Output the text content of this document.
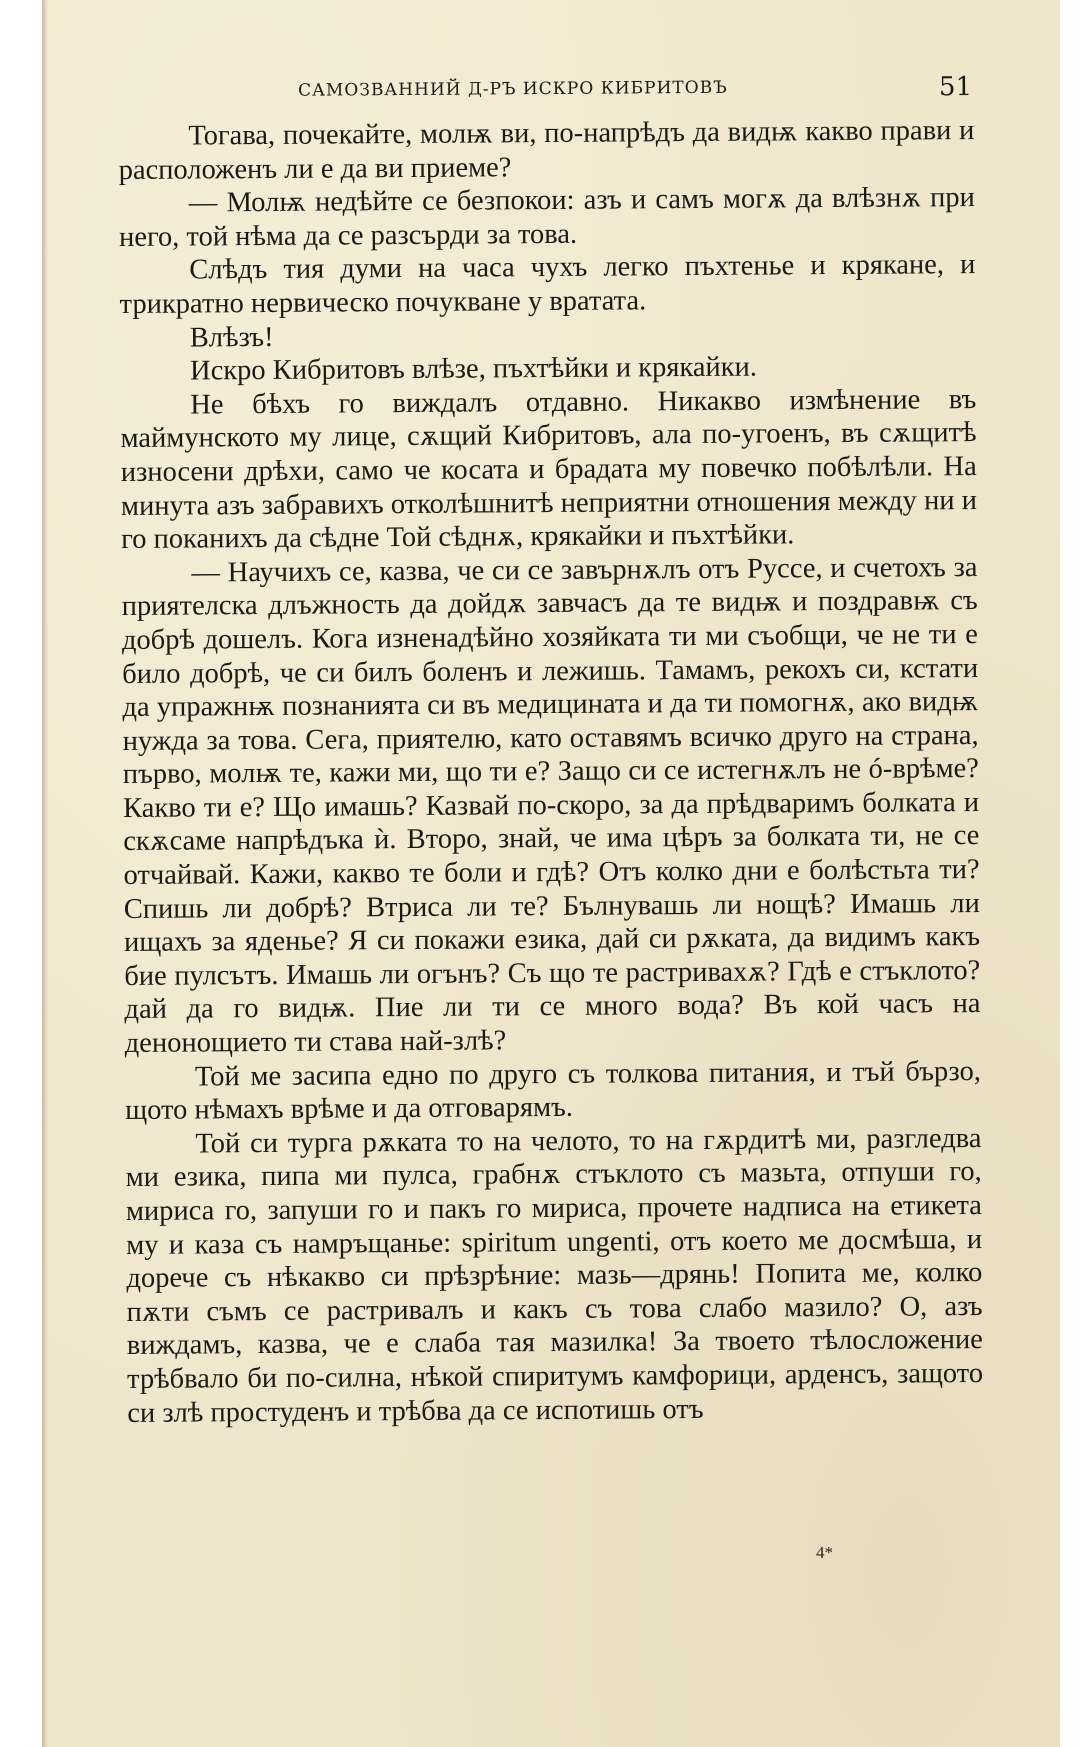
САМОЗВАННИЙ Д-РЪ ИСКРО КИБРИТОВЪ	51

Тогава, почекайте, молѭ ви, по-напрѣдъ да видѭ какво прави и расположенъ ли е да ви приеме?

— Молѭ недѣйте се безпокои: азъ и самъ могѫ да влѣзнѫ при него, той нѣма да се разсърди за това.

Слѣдъ тия думи на часа чухъ легко пъхтенье и крякане, и трикратно нервическо почукване у вратата.

Влѣзъ!

Искро Кибритовъ влѣзе, пъхтѣйки и крякайки.

Не бѣхъ го виждалъ отдавно. Никакво измѣнение въ маймунското му лице, сѫщий Кибритовъ, ала по-угоенъ, въ сѫщитѣ износени дрѣхи, само че косата и брадата му повечко побѣлѣли. На минута азъ забравихъ отколѣшнитѣ неприятни отношения между ни и го поканихъ да сѣдне Той сѣднѫ, крякайки и пъхтѣйки.

— Научихъ се, казва, че си се завърнѫлъ отъ Руссе, и счетохъ за приятелска длъжность да дойдѫ завчасъ да те видѭ и поздравѭ съ добрѣ дошелъ. Кога изненадѣйно хозяйката ти ми съобщи, че не ти е било добрѣ, че си билъ боленъ и лежишь. Тамамъ, рекохъ си, кстати да упражнѭ познанията си въ медицината и да ти помогнѫ, ако видѭ нужда за това. Сега, приятелю, като оставямъ всичко друго на страна, първо, молѭ те, кажи ми, що ти е? Защо си се истегнѫлъ не ó-врѣме? Какво ти е? Що имашь? Казвай по-скоро, за да прѣдваримъ болката и скѫсаме напрѣдъка ѝ. Второ, знай, че има цѣръ за болката ти, не се отчайвай. Кажи, какво те боли и гдѣ? Отъ колко дни е болѣстьта ти? Спишь ли добрѣ? Втриса ли те? Бълнувашь ли нощѣ? Имашь ли ищахъ за яденье? Я си покажи езика, дай си рѫката, да видимъ какъ бие пулсътъ. Имашь ли огънъ? Съ що те растривахѫ? Гдѣ е стъклото? дай да го видѭ. Пие ли ти се много вода? Въ кой часъ на денонощието ти става най-злѣ?

Той ме засипа едно по друго съ толкова питания, и тъй бързо, щото нѣмахъ врѣме и да отговарямъ.

Той си турга рѫката то на челото, то на гѫрдитѣ ми, разгледва ми езика, пипа ми пулса, грабнѫ стъклото съ мазьта, отпуши го, мириса го, запуши го и пакъ го мириса, прочете надписа на етикета му и каза съ намръщанье: spiritum ungenti, отъ което ме досмѣша, и доречe съ нѣкакво си прѣзрѣние: мазь—дрянь! Попита ме, колко пѫти съмъ се растривалъ и какъ съ това слабо мазило? О, азъ виждамъ, казва, че е слаба тая мазилка! За твоето тѣлосложение трѣбвало би по-силна, нѣкой спиритумъ камфорици, арденсъ, защото си злѣ простуденъ и трѣбва да се испотишь отъ

4*
